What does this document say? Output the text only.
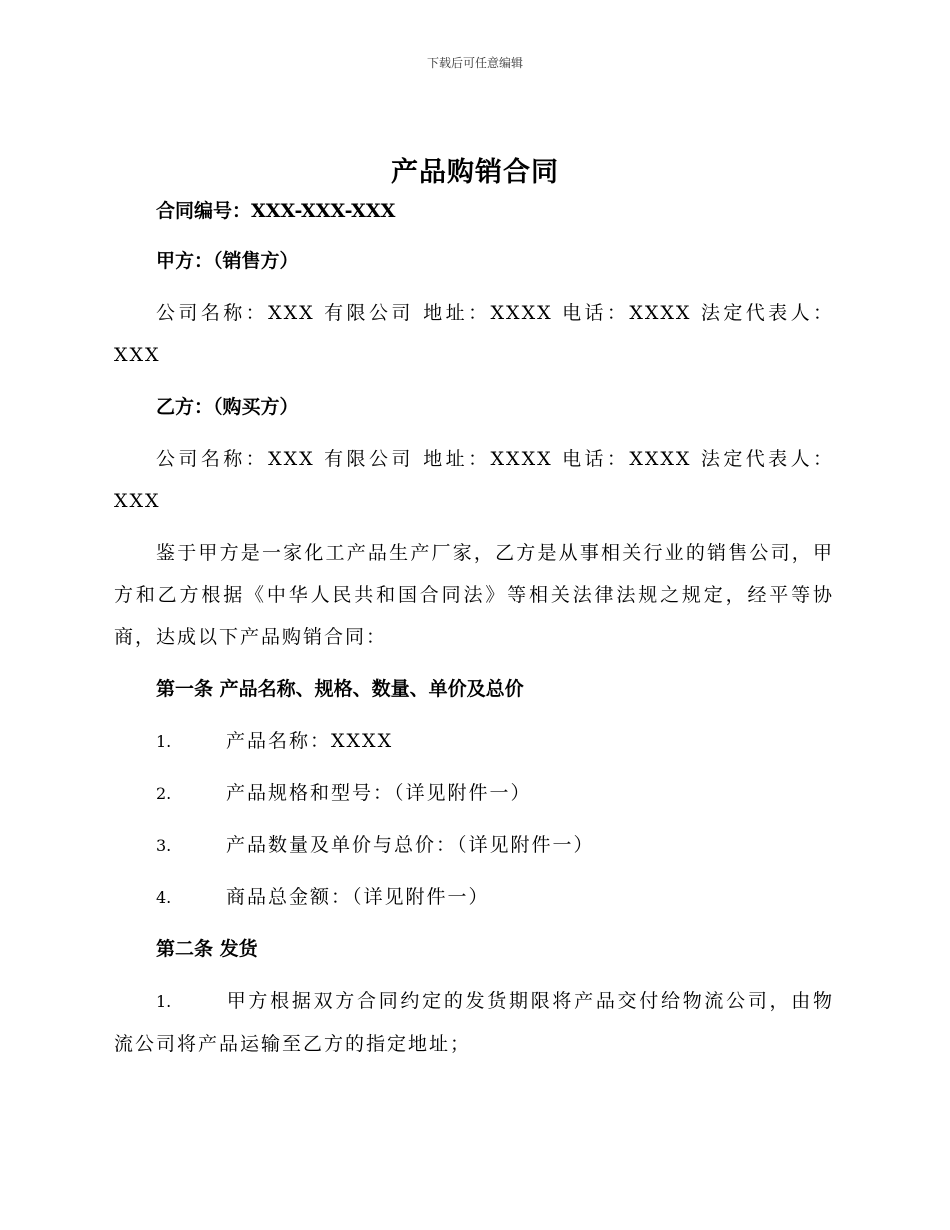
下载后可任意编辑
产品购销合同
合同编号：XXX-XXX-XXX
甲方：（销售方）
公司名称：XXX 有限公司 地址：XXXX 电话：XXXX 法定代表人：XXX
乙方：（购买方）
公司名称：XXX 有限公司 地址：XXXX 电话：XXXX 法定代表人：XXX
鉴于甲方是一家化工产品生产厂家，乙方是从事相关行业的销售公司，甲方和乙方根据《中华人民共和国合同法》等相关法律法规之规定，经平等协商，达成以下产品购销合同：
第一条 产品名称、规格、数量、单价及总价
1.	产品名称：XXXX
2.	产品规格和型号：（详见附件一）
3.	产品数量及单价与总价：（详见附件一）
4.	商品总金额：（详见附件一）
第二条 发货
1.	甲方根据双方合同约定的发货期限将产品交付给物流公司，由物流公司将产品运输至乙方的指定地址；
